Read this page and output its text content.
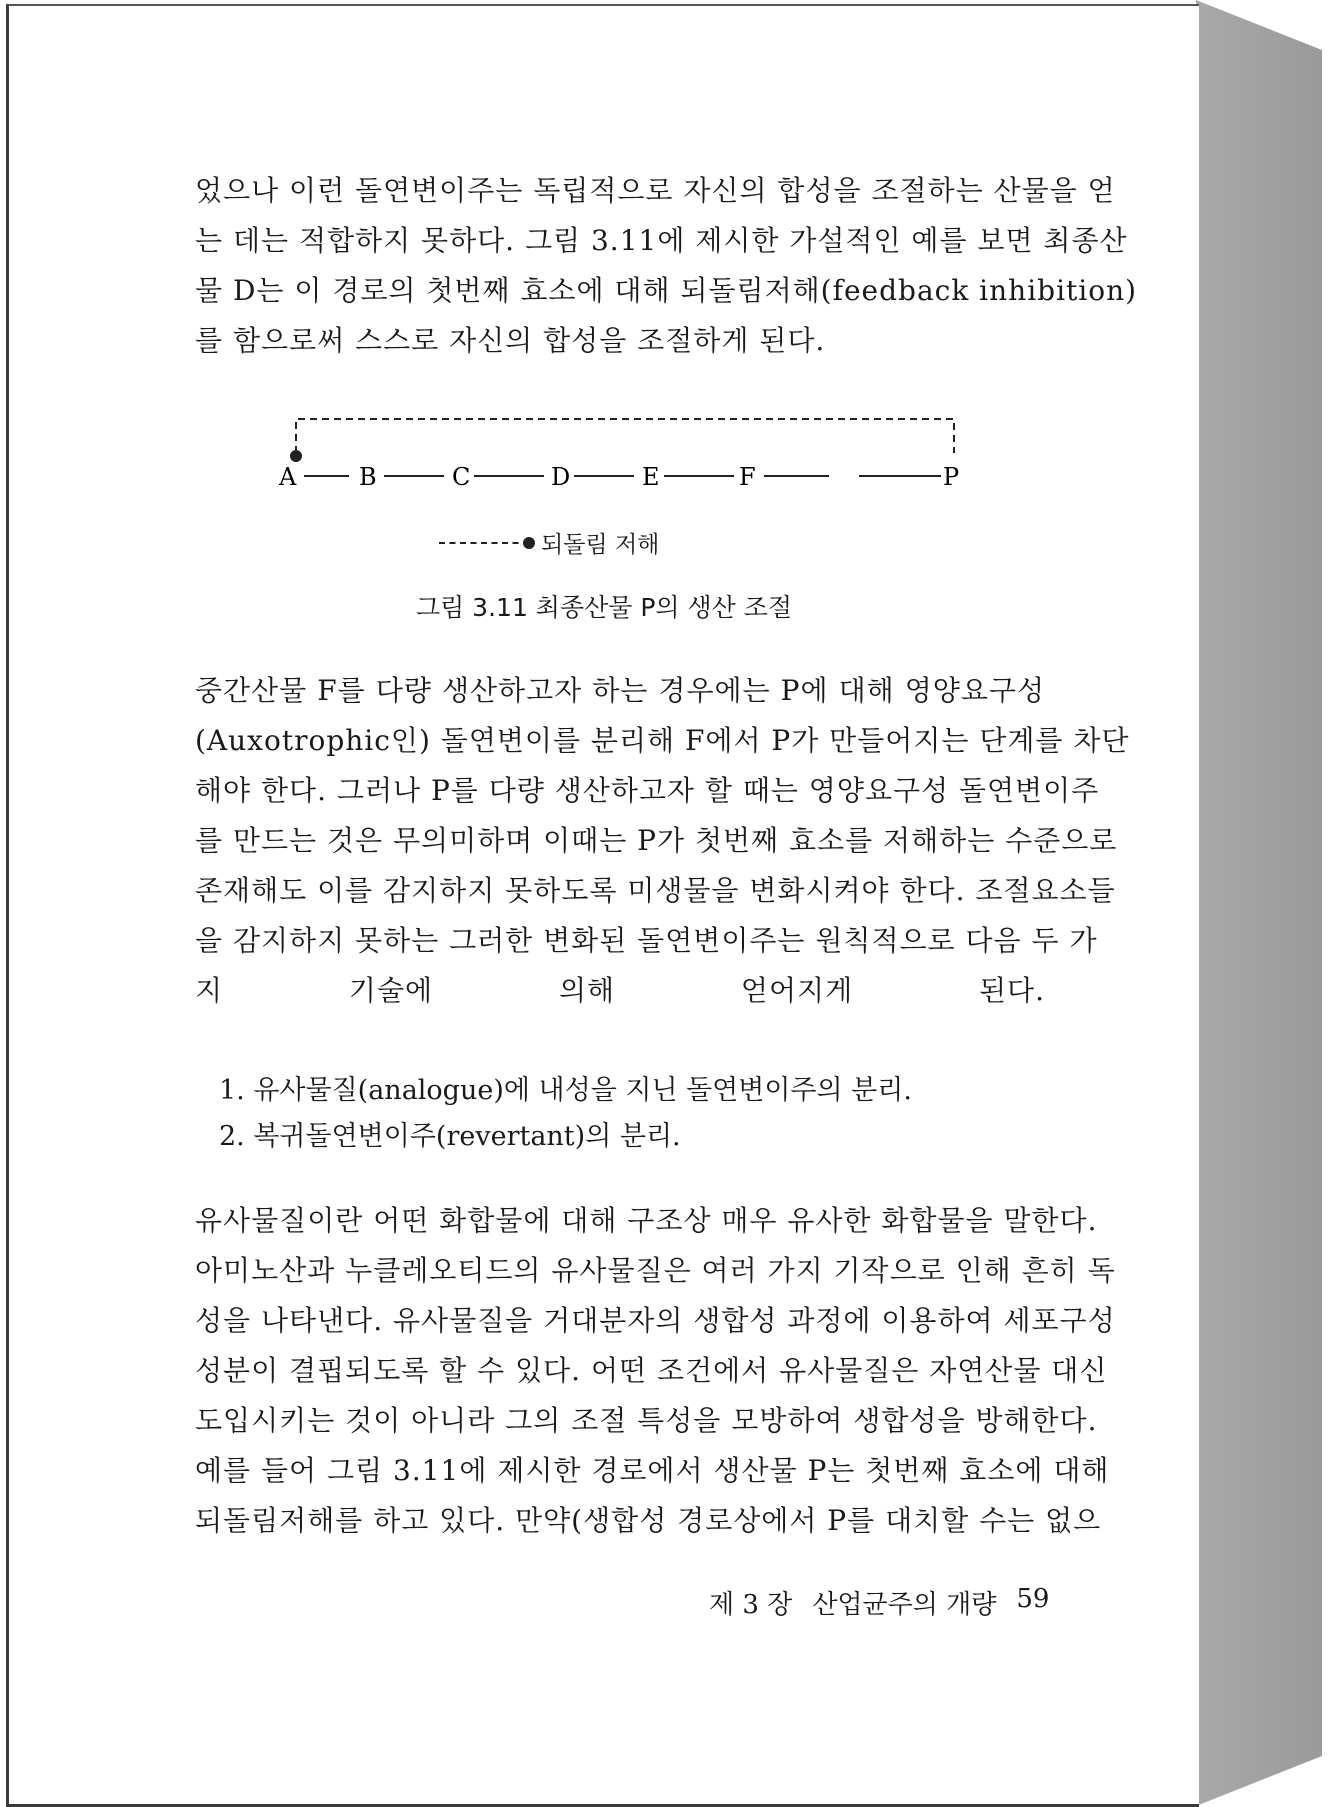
었으나 이런 돌연변이주는 독립적으로 자신의 합성을 조절하는 산물을 얻
는 데는 적합하지 못하다. 그림 3.11에 제시한 가설적인 예를 보면 최종산
물 D는 이 경로의 첫번째 효소에 대해 되돌림저해(feedback inhibition)
를 함으로써 스스로 자신의 합성을 조절하게 된다.
A	B	C	D	E	F	P
되돌림 저해
그림 3.11 최종산물 P의 생산 조절
중간산물 F를 다량 생산하고자 하는 경우에는 P에 대해 영양요구성
(Auxotrophic인) 돌연변이를 분리해 F에서 P가 만들어지는 단계를 차단
해야 한다. 그러나 P를 다량 생산하고자 할 때는 영양요구성 돌연변이주
를 만드는 것은 무의미하며 이때는 P가 첫번째 효소를 저해하는 수준으로
존재해도 이를 감지하지 못하도록 미생물을 변화시켜야 한다. 조절요소들
을 감지하지 못하는 그러한 변화된 돌연변이주는 원칙적으로 다음 두 가
지 기술에 의해 얻어지게 된다.
1. 유사물질(analogue)에 내성을 지닌 돌연변이주의 분리.
2. 복귀돌연변이주(revertant)의 분리.
유사물질이란 어떤 화합물에 대해 구조상 매우 유사한 화합물을 말한다.
아미노산과 누클레오티드의 유사물질은 여러 가지 기작으로 인해 흔히 독
성을 나타낸다. 유사물질을 거대분자의 생합성 과정에 이용하여 세포구성
성분이 결핍되도록 할 수 있다. 어떤 조건에서 유사물질은 자연산물 대신
도입시키는 것이 아니라 그의 조절 특성을 모방하여 생합성을 방해한다.
예를 들어 그림 3.11에 제시한 경로에서 생산물 P는 첫번째 효소에 대해
되돌림저해를 하고 있다. 만약(생합성 경로상에서 P를 대치할 수는 없으
제 3 장 산업균주의 개량 59
